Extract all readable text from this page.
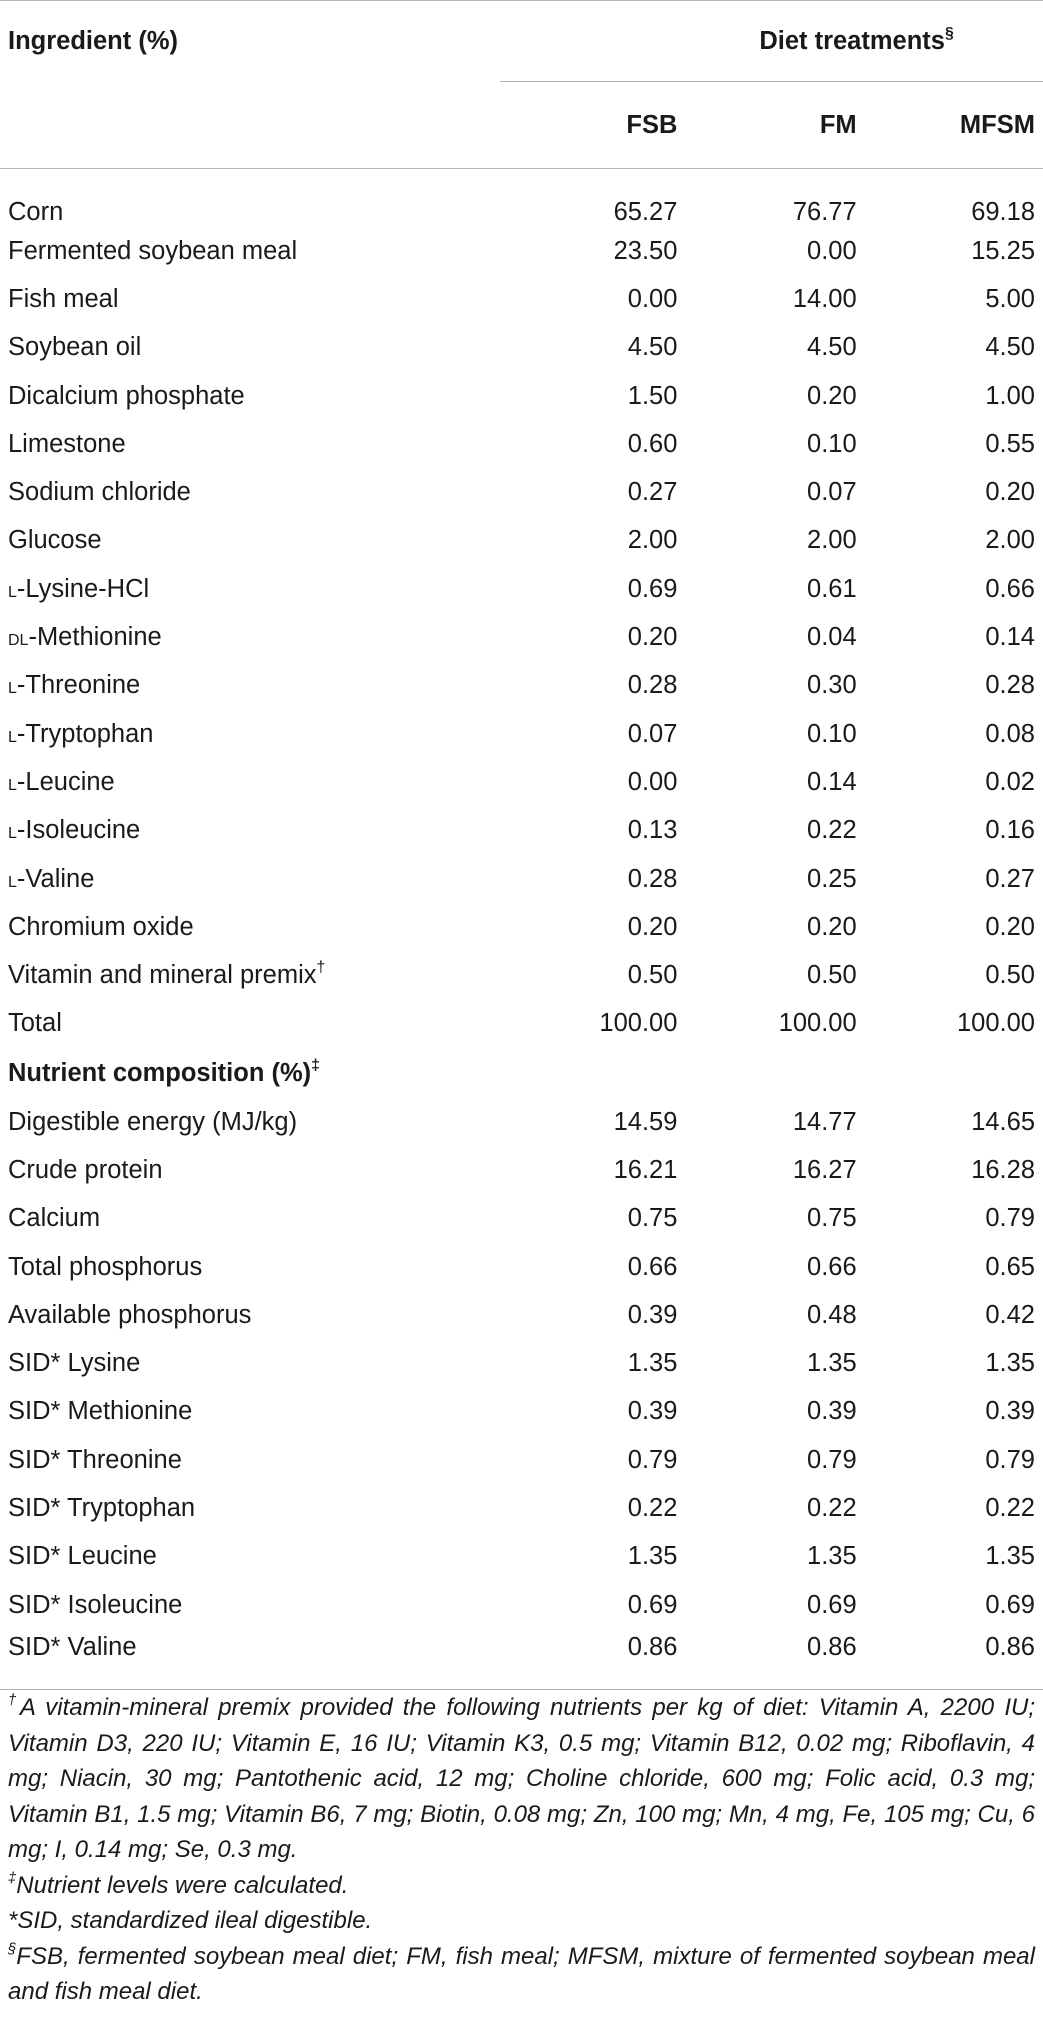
Ingredient (%)	Diet treatments§
	FSB	FM	MFSM
Corn	65.27	76.77	69.18
Fermented soybean meal	23.50	0.00	15.25
Fish meal	0.00	14.00	5.00
Soybean oil	4.50	4.50	4.50
Dicalcium phosphate	1.50	0.20	1.00
Limestone	0.60	0.10	0.55
Sodium chloride	0.27	0.07	0.20
Glucose	2.00	2.00	2.00
l-Lysine-HCl	0.69	0.61	0.66
dl-Methionine	0.20	0.04	0.14
l-Threonine	0.28	0.30	0.28
l-Tryptophan	0.07	0.10	0.08
l-Leucine	0.00	0.14	0.02
l-Isoleucine	0.13	0.22	0.16
l-Valine	0.28	0.25	0.27
Chromium oxide	0.20	0.20	0.20
Vitamin and mineral premix†	0.50	0.50	0.50
Total	100.00	100.00	100.00
Nutrient composition (%)‡			
Digestible energy (MJ/kg)	14.59	14.77	14.65
Crude protein	16.21	16.27	16.28
Calcium	0.75	0.75	0.79
Total phosphorus	0.66	0.66	0.65
Available phosphorus	0.39	0.48	0.42
SID* Lysine	1.35	1.35	1.35
SID* Methionine	0.39	0.39	0.39
SID* Threonine	0.79	0.79	0.79
SID* Tryptophan	0.22	0.22	0.22
SID* Leucine	1.35	1.35	1.35
SID* Isoleucine	0.69	0.69	0.69
SID* Valine	0.86	0.86	0.86

†A vitamin-mineral premix provided the following nutrients per kg of diet: Vitamin A, 2200 IU; Vitamin D3, 220 IU; Vitamin E, 16 IU; Vitamin K3, 0.5 mg; Vitamin B12, 0.02 mg; Riboflavin, 4 mg; Niacin, 30 mg; Pantothenic acid, 12 mg; Choline chloride, 600 mg; Folic acid, 0.3 mg; Vitamin B1, 1.5 mg; Vitamin B6, 7 mg; Biotin, 0.08 mg; Zn, 100 mg; Mn, 4 mg, Fe, 105 mg; Cu, 6 mg; I, 0.14 mg; Se, 0.3 mg.

‡Nutrient levels were calculated.

*SID, standardized ileal digestible.

§FSB, fermented soybean meal diet; FM, fish meal; MFSM, mixture of fermented soybean meal and fish meal diet.
